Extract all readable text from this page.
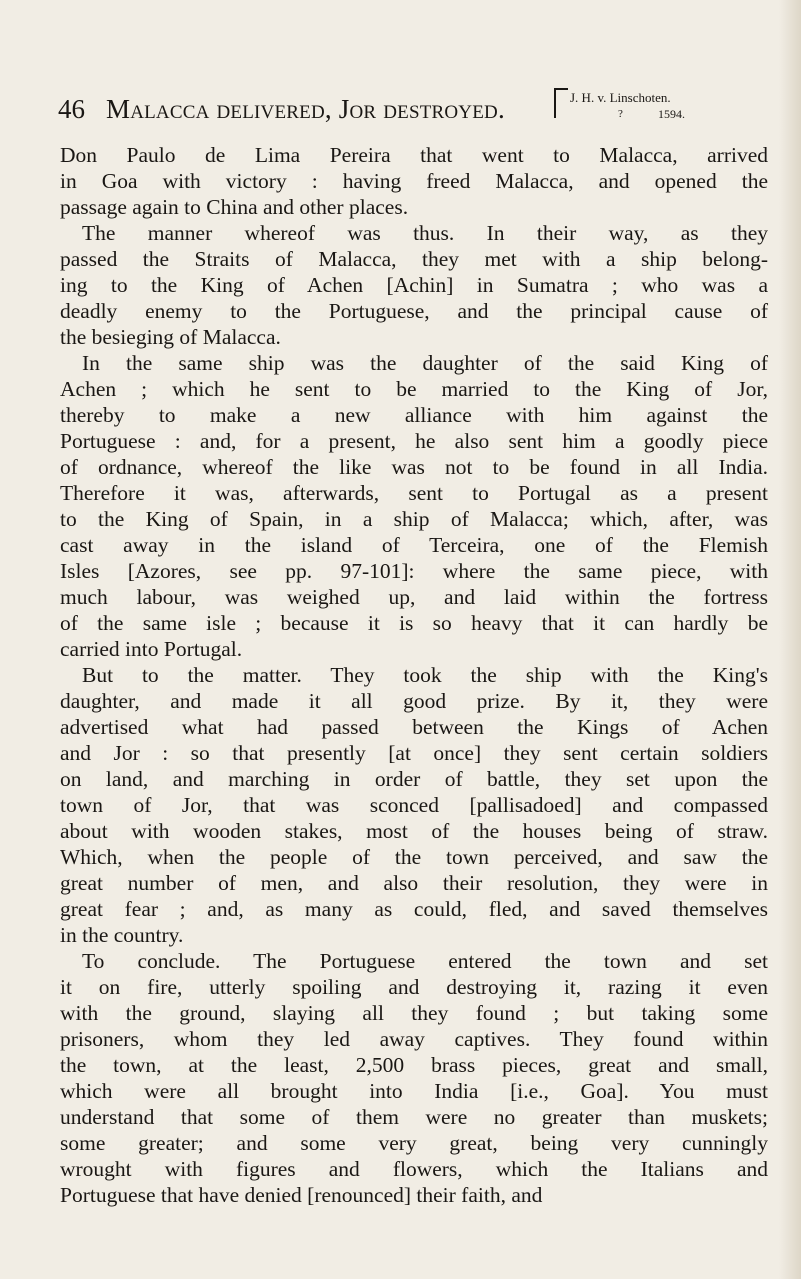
46 Malacca delivered, Jor destroyed.	J. H. v. Linschoten.
?	1594.
Don Paulo de Lima Pereira that went to Malacca, arrived
in Goa with victory : having freed Malacca, and opened the
passage again to China and other places.
The manner whereof was thus. In their way, as they
passed the Straits of Malacca, they met with a ship belong-
ing to the King of Achen [Achin] in Sumatra ; who was a
deadly enemy to the Portuguese, and the principal cause of
the besieging of Malacca.
In the same ship was the daughter of the said King of
Achen ; which he sent to be married to the King of Jor,
thereby to make a new alliance with him against the
Portuguese : and, for a present, he also sent him a goodly piece
of ordnance, whereof the like was not to be found in all India.
Therefore it was, afterwards, sent to Portugal as a present
to the King of Spain, in a ship of Malacca; which, after, was
cast away in the island of Terceira, one of the Flemish
Isles [Azores, see pp. 97-101]: where the same piece, with
much labour, was weighed up, and laid within the fortress
of the same isle ; because it is so heavy that it can hardly be
carried into Portugal.
But to the matter. They took the ship with the King's
daughter, and made it all good prize. By it, they were
advertised what had passed between the Kings of Achen
and Jor : so that presently [at once] they sent certain soldiers
on land, and marching in order of battle, they set upon the
town of Jor, that was sconced [pallisadoed] and compassed
about with wooden stakes, most of the houses being of straw.
Which, when the people of the town perceived, and saw the
great number of men, and also their resolution, they were in
great fear ; and, as many as could, fled, and saved themselves
in the country.
To conclude. The Portuguese entered the town and set
it on fire, utterly spoiling and destroying it, razing it even
with the ground, slaying all they found ; but taking some
prisoners, whom they led away captives. They found within
the town, at the least, 2,500 brass pieces, great and small,
which were all brought into India [i.e., Goa]. You must
understand that some of them were no greater than muskets;
some greater; and some very great, being very cunningly
wrought with figures and flowers, which the Italians and
Portuguese that have denied [renounced] their faith, and
